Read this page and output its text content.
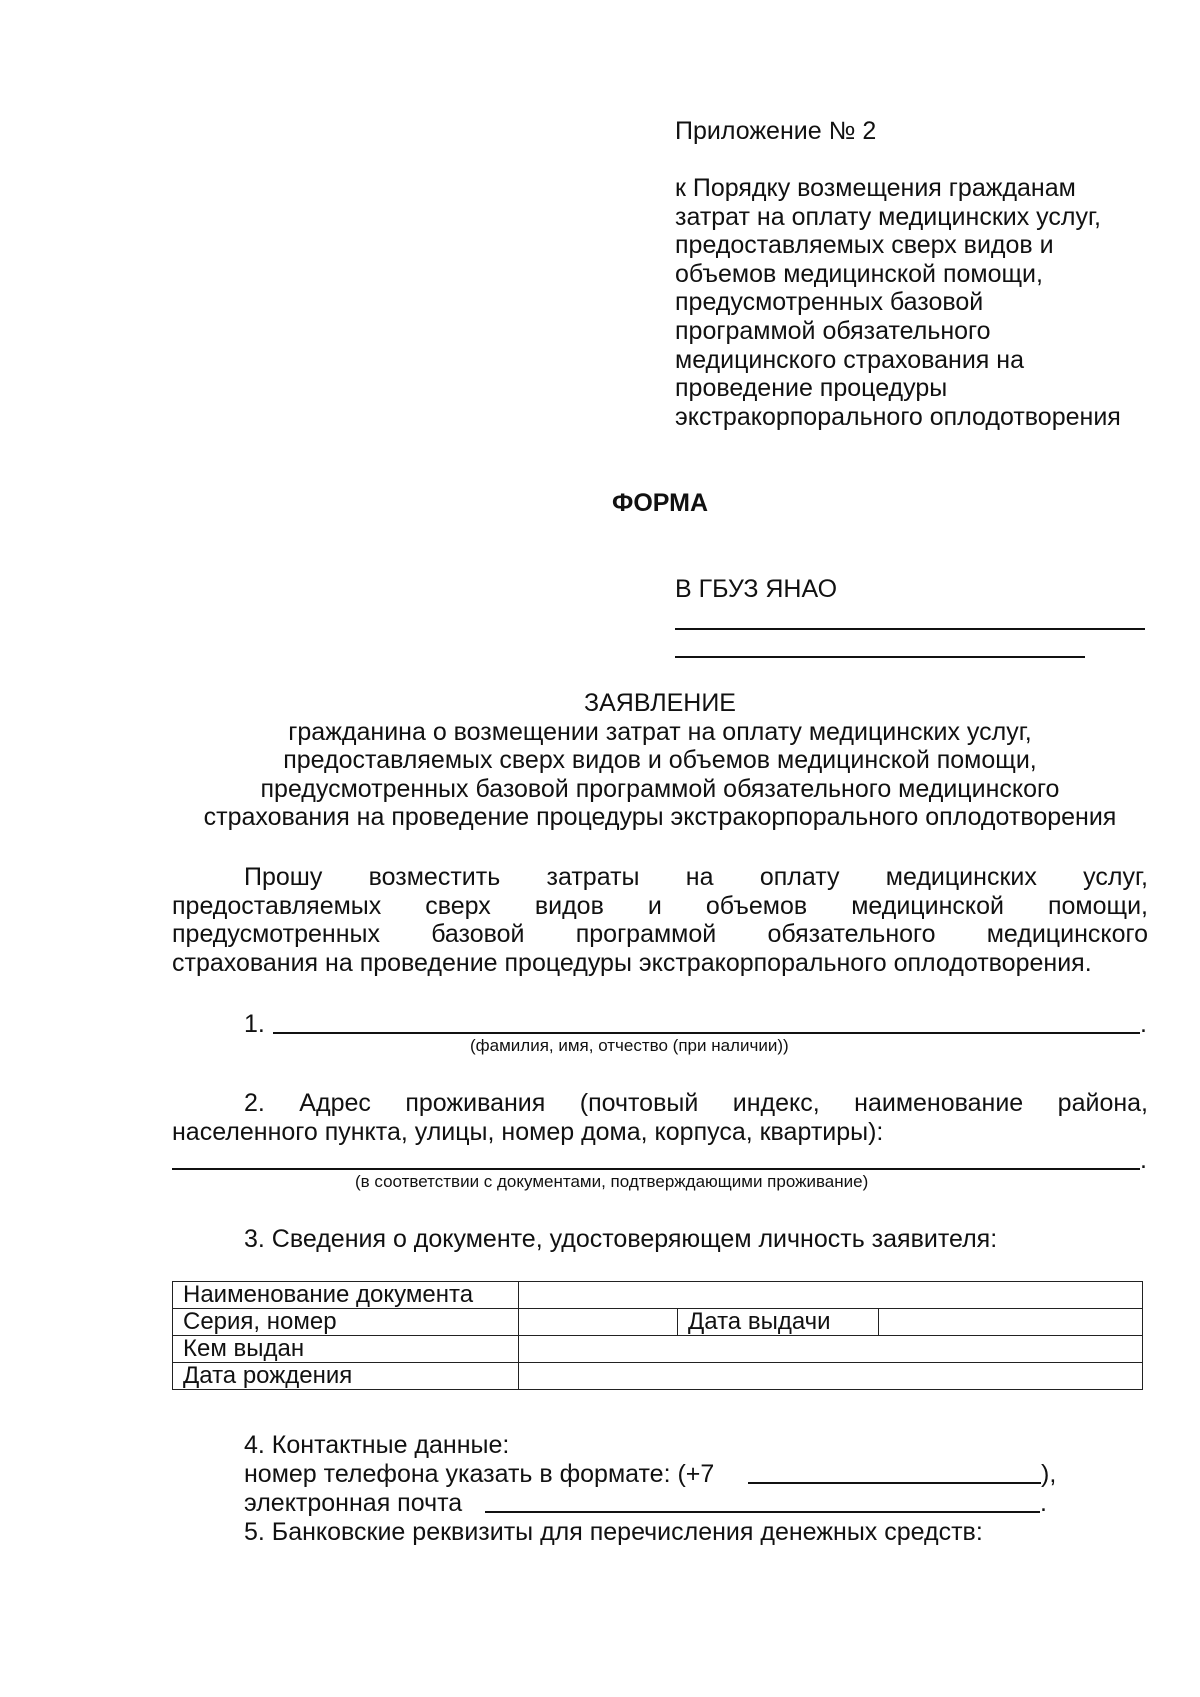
Приложение № 2
к Порядку возмещения гражданам
затрат на оплату медицинских услуг,
предоставляемых сверх видов и
объемов медицинской помощи,
предусмотренных базовой
программой обязательного
медицинского страхования на
проведение процедуры
экстракорпорального оплодотворения
ФОРМА
В ГБУЗ ЯНАО
ЗАЯВЛЕНИЕ
гражданина о возмещении затрат на оплату медицинских услуг,
предоставляемых сверх видов и объемов медицинской помощи,
предусмотренных базовой программой обязательного медицинского
страхования на проведение процедуры экстракорпорального оплодотворения
Прошу возместить затраты на оплату медицинских услуг,
предоставляемых сверх видов и объемов медицинской помощи,
предусмотренных базовой программой обязательного медицинского
страхования на проведение процедуры экстракорпорального оплодотворения.
1.	.
(фамилия, имя, отчество (при наличии))
2. Адрес проживания (почтовый индекс, наименование района,
населенного пункта, улицы, номер дома, корпуса, квартиры):
.
(в соответствии с документами, подтверждающими проживание)
3. Сведения о документе, удостоверяющем личность заявителя:
Наименование документа			
Серия, номер		Дата выдачи	
Кем выдан			
Дата рождения			
4. Контактные данные:
номер телефона указать в формате: (+7	),
электронная почта	.
5. Банковские реквизиты для перечисления денежных средств:
